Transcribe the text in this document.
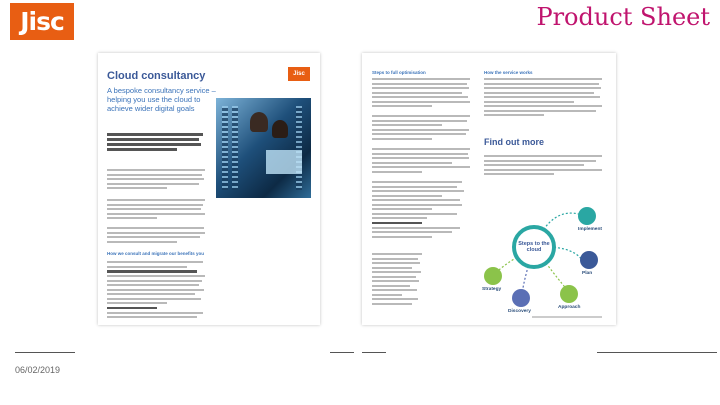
Jisc	Product Sheet
Cloud consultancy	Jisc
A bespoke consultancy service – helping you use the cloud to achieve wider digital goals
How we consult and migrate our benefits you
Steps to full optimisation	How the service works
Find out more
Steps to the cloud
Implement
Plan
Approach
Discovery
Strategy
06/02/2019
